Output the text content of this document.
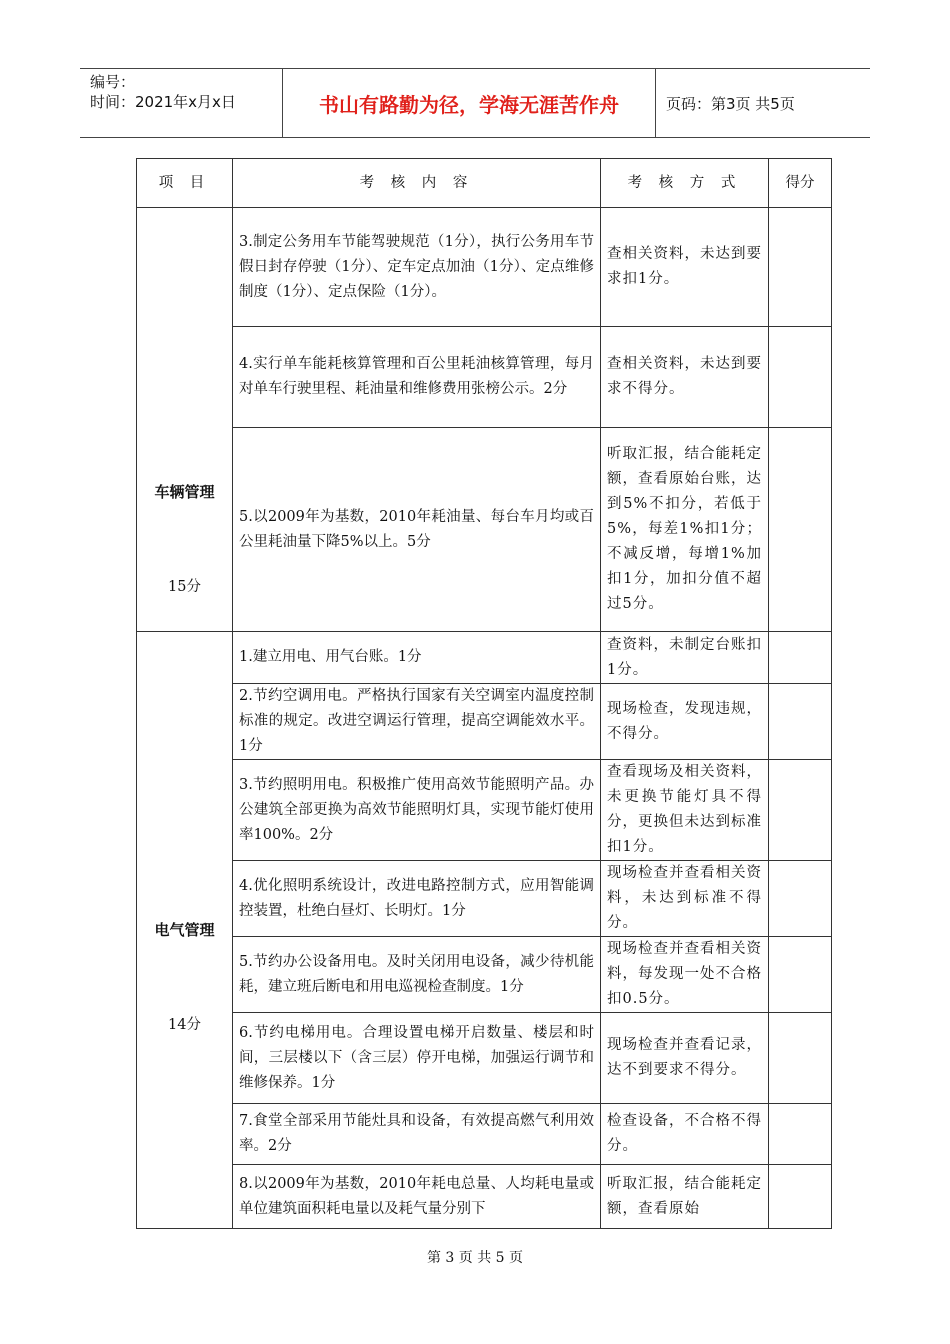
编号：
时间：2021年x月x日	书山有路勤为径，学海无涯苦作舟	页码：第3页 共5页
项 目	考 核 内 容	考 核 方 式	得分

车辆管理
15分	3.制定公务用车节能驾驶规范（1分），执行公务用车节假日封存停驶（1分）、定车定点加油（1分）、定点维修制度（1分）、定点保险（1分）。	查相关资料，未达到要求扣1分。	
	4.实行单车能耗核算管理和百公里耗油核算管理，每月对单车行驶里程、耗油量和维修费用张榜公示。2分	查相关资料，未达到要求不得分。	
	5.以2009年为基数，2010年耗油量、每台车月均或百公里耗油量下降5%以上。5分	听取汇报，结合能耗定额，查看原始台账，达到5%不扣分，若低于5%，每差1%扣1分；不减反增，每增1%加扣1分，加扣分值不超过5分。	

电气管理
14分	1.建立用电、用气台账。1分	查资料，未制定台账扣1分。	
	2.节约空调用电。严格执行国家有关空调室内温度控制标准的规定。改进空调运行管理，提高空调能效水平。1分	现场检查，发现违规，不得分。	
	3.节约照明用电。积极推广使用高效节能照明产品。办公建筑全部更换为高效节能照明灯具，实现节能灯使用率100%。2分	查看现场及相关资料，未更换节能灯具不得分，更换但未达到标准扣1分。	
	4.优化照明系统设计，改进电路控制方式，应用智能调控装置，杜绝白昼灯、长明灯。1分	现场检查并查看相关资料，未达到标准不得分。	
	5.节约办公设备用电。及时关闭用电设备，减少待机能耗，建立班后断电和用电巡视检查制度。1分	现场检查并查看相关资料，每发现一处不合格扣0.5分。	
	6.节约电梯用电。合理设置电梯开启数量、楼层和时间，三层楼以下（含三层）停开电梯，加强运行调节和维修保养。1分	现场检查并查看记录，达不到要求不得分。	
	7.食堂全部采用节能灶具和设备，有效提高燃气利用效率。2分	检查设备，不合格不得分。	
	8.以2009年为基数，2010年耗电总量、人均耗电量或单位建筑面积耗电量以及耗气量分别下	听取汇报，结合能耗定额，查看原始	
第 3 页 共 5 页
